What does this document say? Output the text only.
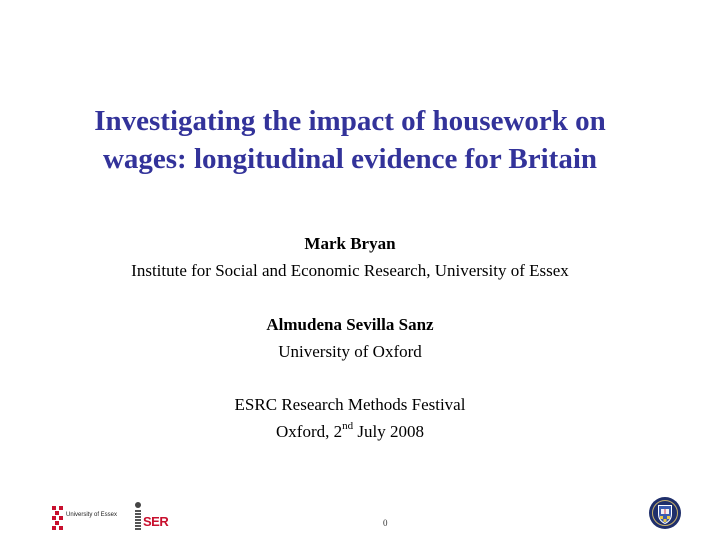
Investigating the impact of housework on
wages: longitudinal evidence for Britain
Mark Bryan
Institute for Social and Economic Research, University of Essex
Almudena Sevilla Sanz
University of Oxford
ESRC Research Methods Festival
Oxford, 2nd July 2008
University of Essex SER	0
